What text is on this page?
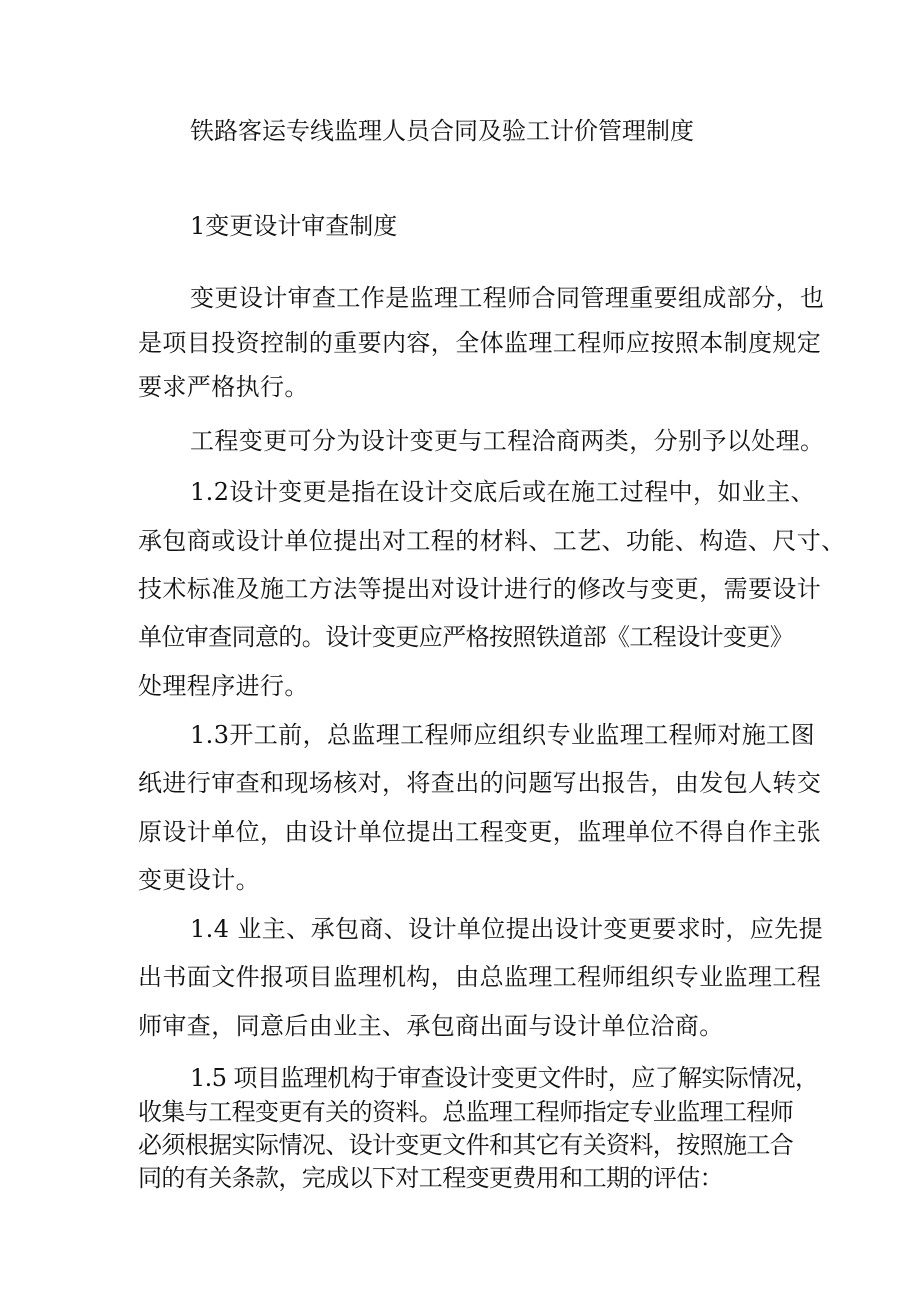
铁路客运专线监理人员合同及验工计价管理制度
1变更设计审查制度
变更设计审查工作是监理工程师合同管理重要组成部分，也
是项目投资控制的重要内容，全体监理工程师应按照本制度规定
要求严格执行。
工程变更可分为设计变更与工程洽商两类，分别予以处理。
1.2设计变更是指在设计交底后或在施工过程中，如业主、
承包商或设计单位提出对工程的材料、工艺、功能、构造、尺寸、
技术标准及施工方法等提出对设计进行的修改与变更，需要设计
单位审查同意的。设计变更应严格按照铁道部《工程设计变更》
处理程序进行。
1.3开工前，总监理工程师应组织专业监理工程师对施工图
纸进行审查和现场核对，将查出的问题写出报告，由发包人转交
原设计单位，由设计单位提出工程变更，监理单位不得自作主张
变更设计。
1.4 业主、承包商、设计单位提出设计变更要求时，应先提
出书面文件报项目监理机构，由总监理工程师组织专业监理工程
师审查，同意后由业主、承包商出面与设计单位洽商。
1.5 项目监理机构于审查设计变更文件时，应了解实际情况，
收集与工程变更有关的资料。总监理工程师指定专业监理工程师
必须根据实际情况、设计变更文件和其它有关资料，按照施工合
同的有关条款，完成以下对工程变更费用和工期的评估：
